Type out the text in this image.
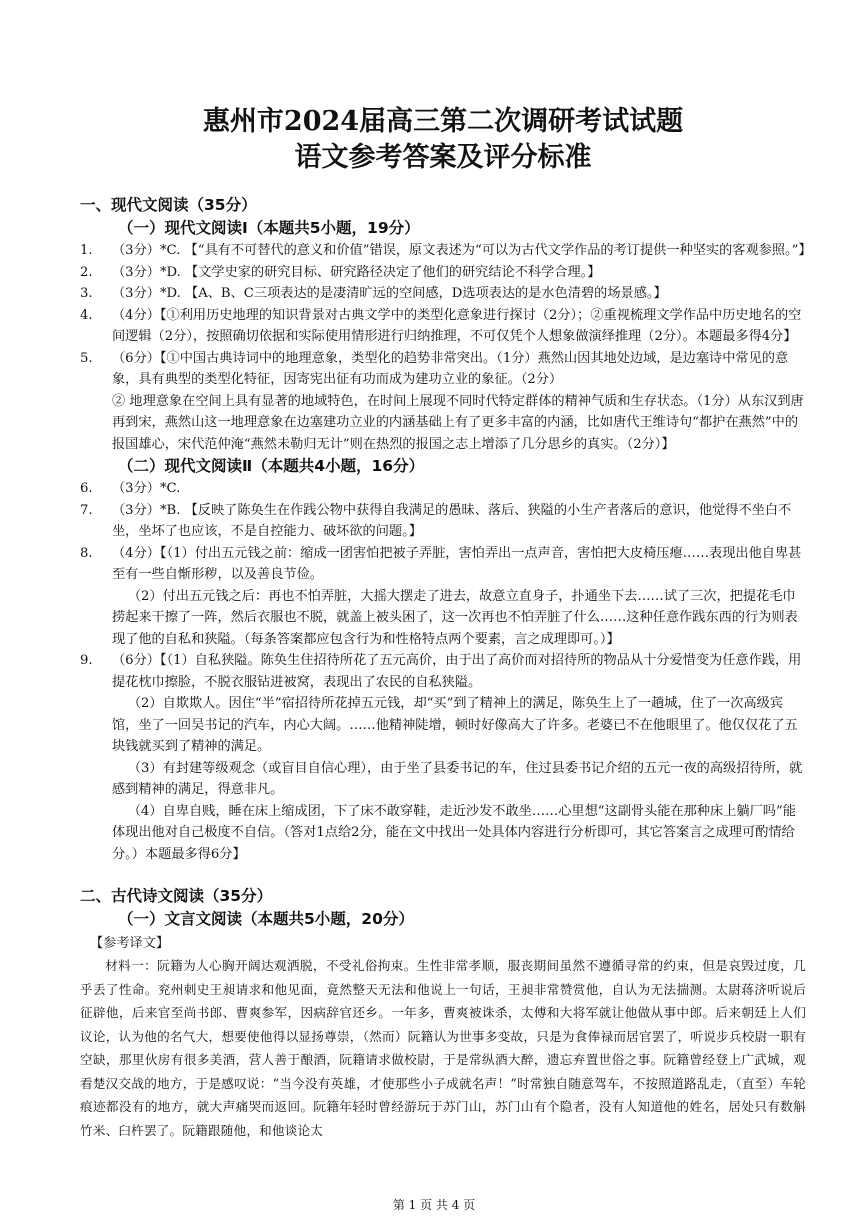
惠州市2024届高三第二次调研考试试题
语文参考答案及评分标准
一、现代文阅读（35分）
（一）现代文阅读Ⅰ（本题共5小题，19分）
1.	（3分）*C. 【“具有不可替代的意义和价值”错误，原文表述为“可以为古代文学作品的考订提供一种坚实的客观参照。”】
2.	（3分）*D. 【文学史家的研究目标、研究路径决定了他们的研究结论不科学合理。】
3.	（3分）*D. 【A、B、C三项表达的是凄清旷远的空间感，D选项表达的是水色清碧的场景感。】
4.	（4分）【①利用历史地理的知识背景对古典文学中的类型化意象进行探讨（2分）；②重视梳理文学作品中历史地名的空间逻辑（2分），按照确切依据和实际使用情形进行归纳推理，不可仅凭个人想象做演绎推理（2分）。本题最多得4分】
5.	（6分）【①中国古典诗词中的地理意象，类型化的趋势非常突出。（1分）燕然山因其地处边域，是边塞诗中常见的意象，具有典型的类型化特征，因寄宪出征有功而成为建功立业的象征。（2分）
② 地理意象在空间上具有显著的地域特色，在时间上展现不同时代特定群体的精神气质和生存状态。（1分）从东汉到唐再到宋，燕然山这一地理意象在边塞建功立业的内涵基础上有了更多丰富的内涵，比如唐代王维诗句“都护在燕然”中的报国雄心，宋代范仲淹“燕然未勒归无计”则在热烈的报国之志上增添了几分思乡的真实。（2分）】
（二）现代文阅读Ⅱ（本题共4小题，16分）
6.	（3分）*C.
7.	（3分）*B. 【反映了陈奂生在作践公物中获得自我满足的愚昧、落后、狭隘的小生产者落后的意识，他觉得不坐白不坐，坐坏了也应该，不是自控能力、破坏欲的问题。】
8.	（4分）【（1）付出五元钱之前：缩成一团害怕把被子弄脏，害怕弄出一点声音，害怕把大皮椅压瘪……表现出他自卑甚至有一些自惭形秽，以及善良节俭。
（2）付出五元钱之后：再也不怕弄脏，大摇大摆走了进去，故意立直身子，扑通坐下去……试了三次，把提花毛巾捞起来干擦了一阵，然后衣服也不脱，就盖上被头困了，这一次再也不怕弄脏了什么……这种任意作践东西的行为则表现了他的自私和狭隘。（每条答案都应包含行为和性格特点两个要素，言之成理即可。）】
9.	（6分）【（1）自私狭隘。陈奂生住招待所花了五元高价，由于出了高价而对招待所的物品从十分爱惜变为任意作践，用提花枕巾擦脸，不脱衣服钻进被窝，表现出了农民的自私狭隘。
（2）自欺欺人。因住“半”宿招待所花掉五元钱，却“买”到了精神上的满足，陈奂生上了一趟城，住了一次高级宾馆，坐了一回吴书记的汽车，内心大阔。……他精神陡增，顿时好像高大了许多。老婆已不在他眼里了。他仅仅花了五块钱就买到了精神的满足。
（3）有封建等级观念（或盲目自信心理），由于坐了县委书记的车，住过县委书记介绍的五元一夜的高级招待所，就感到精神的满足，得意非凡。
（4）自卑自贱，睡在床上缩成团，下了床不敢穿鞋，走近沙发不敢坐……心里想“这副骨头能在那种床上躺厂吗”能体现出他对自己极度不自信。（答对1点给2分，能在文中找出一处具体内容进行分析即可，其它答案言之成理可酌情给分。）本题最多得6分】
二、古代诗文阅读（35分）
（一）文言文阅读（本题共5小题，20分）
【参考译文】
材料一：阮籍为人心胸开阔达观洒脱，不受礼俗拘束。生性非常孝顺，服丧期间虽然不遵循寻常的约束，但是哀毁过度，几乎丢了性命。兖州刺史王昶请求和他见面，竟然整天无法和他说上一句话，王昶非常赞赏他，自认为无法揣测。太尉蒋济听说后征辟他，后来官至尚书郎、曹爽参军，因病辞官还乡。一年多，曹爽被诛杀，太傅和大将军就让他做从事中郎。后来朝廷上人们议论，认为他的名气大，想要使他得以显扬尊崇，（然而）阮籍认为世事多变故，只是为食俸禄而居官罢了，听说步兵校尉一职有空缺，那里伙房有很多美酒，营人善于酿酒，阮籍请求做校尉，于是常纵酒大醉，遗忘弃置世俗之事。阮籍曾经登上广武城，观看楚汉交战的地方，于是感叹说：“当今没有英雄，才使那些小子成就名声！”时常独自随意驾车，不按照道路乱走，（直至）车轮痕迹都没有的地方，就大声痛哭而返回。阮籍年轻时曾经游玩于苏门山，苏门山有个隐者，没有人知道他的姓名，居处只有数斛竹米、臼杵罢了。阮籍跟随他，和他谈论太
第 1 页 共 4 页
